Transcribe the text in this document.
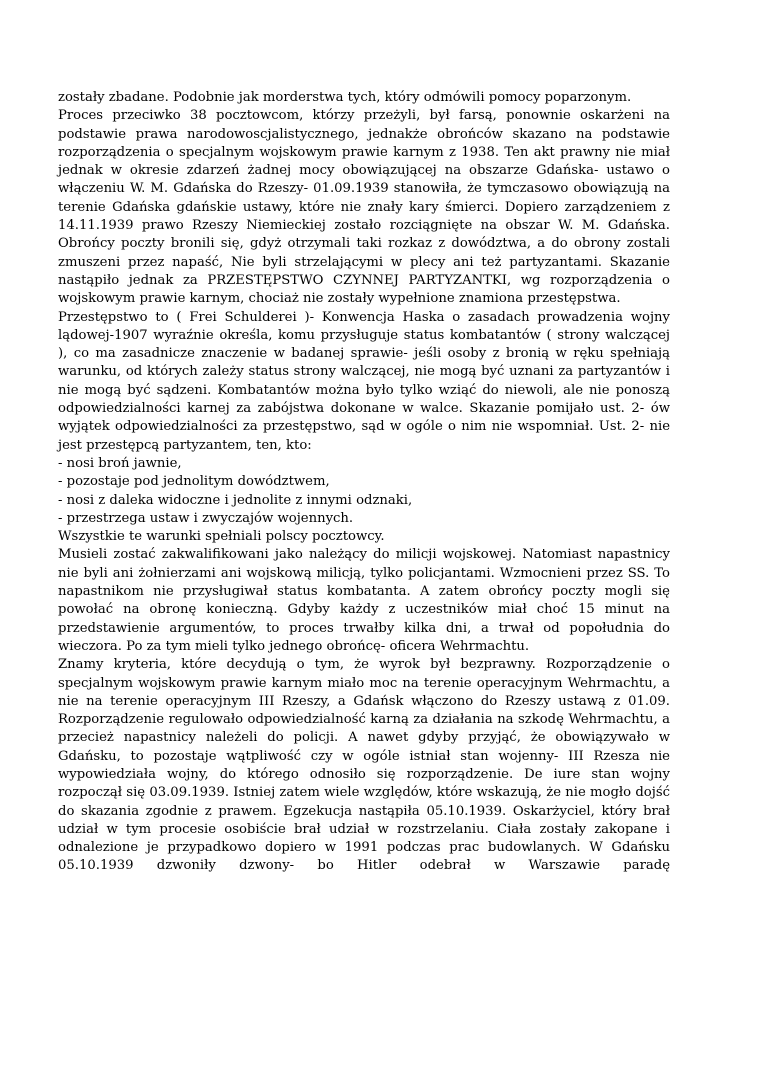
zostały zbadane. Podobnie jak morderstwa tych, który odmówili pomocy poparzonym.

Proces przeciwko 38 pocztowcom, którzy przeżyli, był farsą, ponownie oskarżeni na podstawie prawa narodowoscjalistycznego, jednakże obrońców skazano na podstawie rozporządzenia o specjalnym wojskowym prawie karnym z 1938. Ten akt prawny nie miał jednak w okresie zdarzeń żadnej mocy obowiązującej na obszarze Gdańska- ustawo o włączeniu W. M. Gdańska do Rzeszy- 01.09.1939 stanowiła, że tymczasowo obowiązują na terenie Gdańska gdańskie ustawy, które nie znały kary śmierci. Dopiero zarządzeniem z 14.11.1939 prawo Rzeszy Niemieckiej zostało rozciągnięte na obszar W. M. Gdańska. Obrońcy poczty bronili się, gdyż otrzymali taki rozkaz z dowództwa, a do obrony zostali zmuszeni przez napaść, Nie byli strzelającymi w plecy ani też partyzantami. Skazanie nastąpiło jednak za PRZESTĘPSTWO CZYNNEJ PARTYZANTKI, wg rozporządzenia o wojskowym prawie karnym, chociaż nie zostały wypełnione znamiona przestępstwa.

Przestępstwo to ( Frei Schulderei )- Konwencja Haska o zasadach prowadzenia wojny lądowej-1907 wyraźnie określa, komu przysługuje status kombatantów ( strony walczącej ), co ma zasadnicze znaczenie w badanej sprawie- jeśli osoby z bronią w ręku spełniają warunku, od których zależy status strony walczącej, nie mogą być uznani za partyzantów i nie mogą być sądzeni. Kombatantów można było tylko wziąć do niewoli, ale nie ponoszą odpowiedzialności karnej za zabójstwa dokonane w walce. Skazanie pomijało ust. 2- ów wyjątek odpowiedzialności za przestępstwo, sąd w ogóle o nim nie wspomniał. Ust. 2- nie jest przestępcą partyzantem, ten, kto:

- nosi broń jawnie,
- pozostaje pod jednolitym dowództwem,
- nosi z daleka widoczne i jednolite z innymi odznaki,
- przestrzega ustaw i zwyczajów wojennych.

Wszystkie te warunki spełniali polscy pocztowcy.

Musieli zostać zakwalifikowani jako należący do milicji wojskowej. Natomiast napastnicy nie byli ani żołnierzami ani wojskową milicją, tylko policjantami. Wzmocnieni przez SS. To napastnikom nie przysługiwał status kombatanta. A zatem obrońcy poczty mogli się powołać na obronę konieczną. Gdyby każdy z uczestników miał choć 15 minut na przedstawienie argumentów, to proces trwałby kilka dni, a trwał od popołudnia do wieczora. Po za tym mieli tylko jednego obrońcę- oficera Wehrmachtu.

Znamy kryteria, które decydują o tym, że wyrok był bezprawny. Rozporządzenie o specjalnym wojskowym prawie karnym miało moc na terenie operacyjnym Wehrmachtu, a nie na terenie operacyjnym III Rzeszy, a Gdańsk włączono do Rzeszy ustawą z 01.09. Rozporządzenie regulowało odpowiedzialność karną za działania na szkodę Wehrmachtu, a przecież napastnicy należeli do policji. A nawet gdyby przyjąć, że obowiązywało w Gdańsku, to pozostaje wątpliwość czy w ogóle istniał stan wojenny- III Rzesza nie wypowiedziała wojny, do którego odnosiło się rozporządzenie. De iure stan wojny rozpoczął się 03.09.1939. Istniej zatem wiele względów, które wskazują, że nie mogło dojść do skazania zgodnie z prawem. Egzekucja nastąpiła 05.10.1939. Oskarżyciel, który brał udział w tym procesie osobiście brał udział w rozstrzelaniu. Ciała zostały zakopane i odnalezione je przypadkowo dopiero w 1991 podczas prac budowlanych. W Gdańsku 05.10.1939 dzwoniły dzwony- bo Hitler odebrał w Warszawie paradę
